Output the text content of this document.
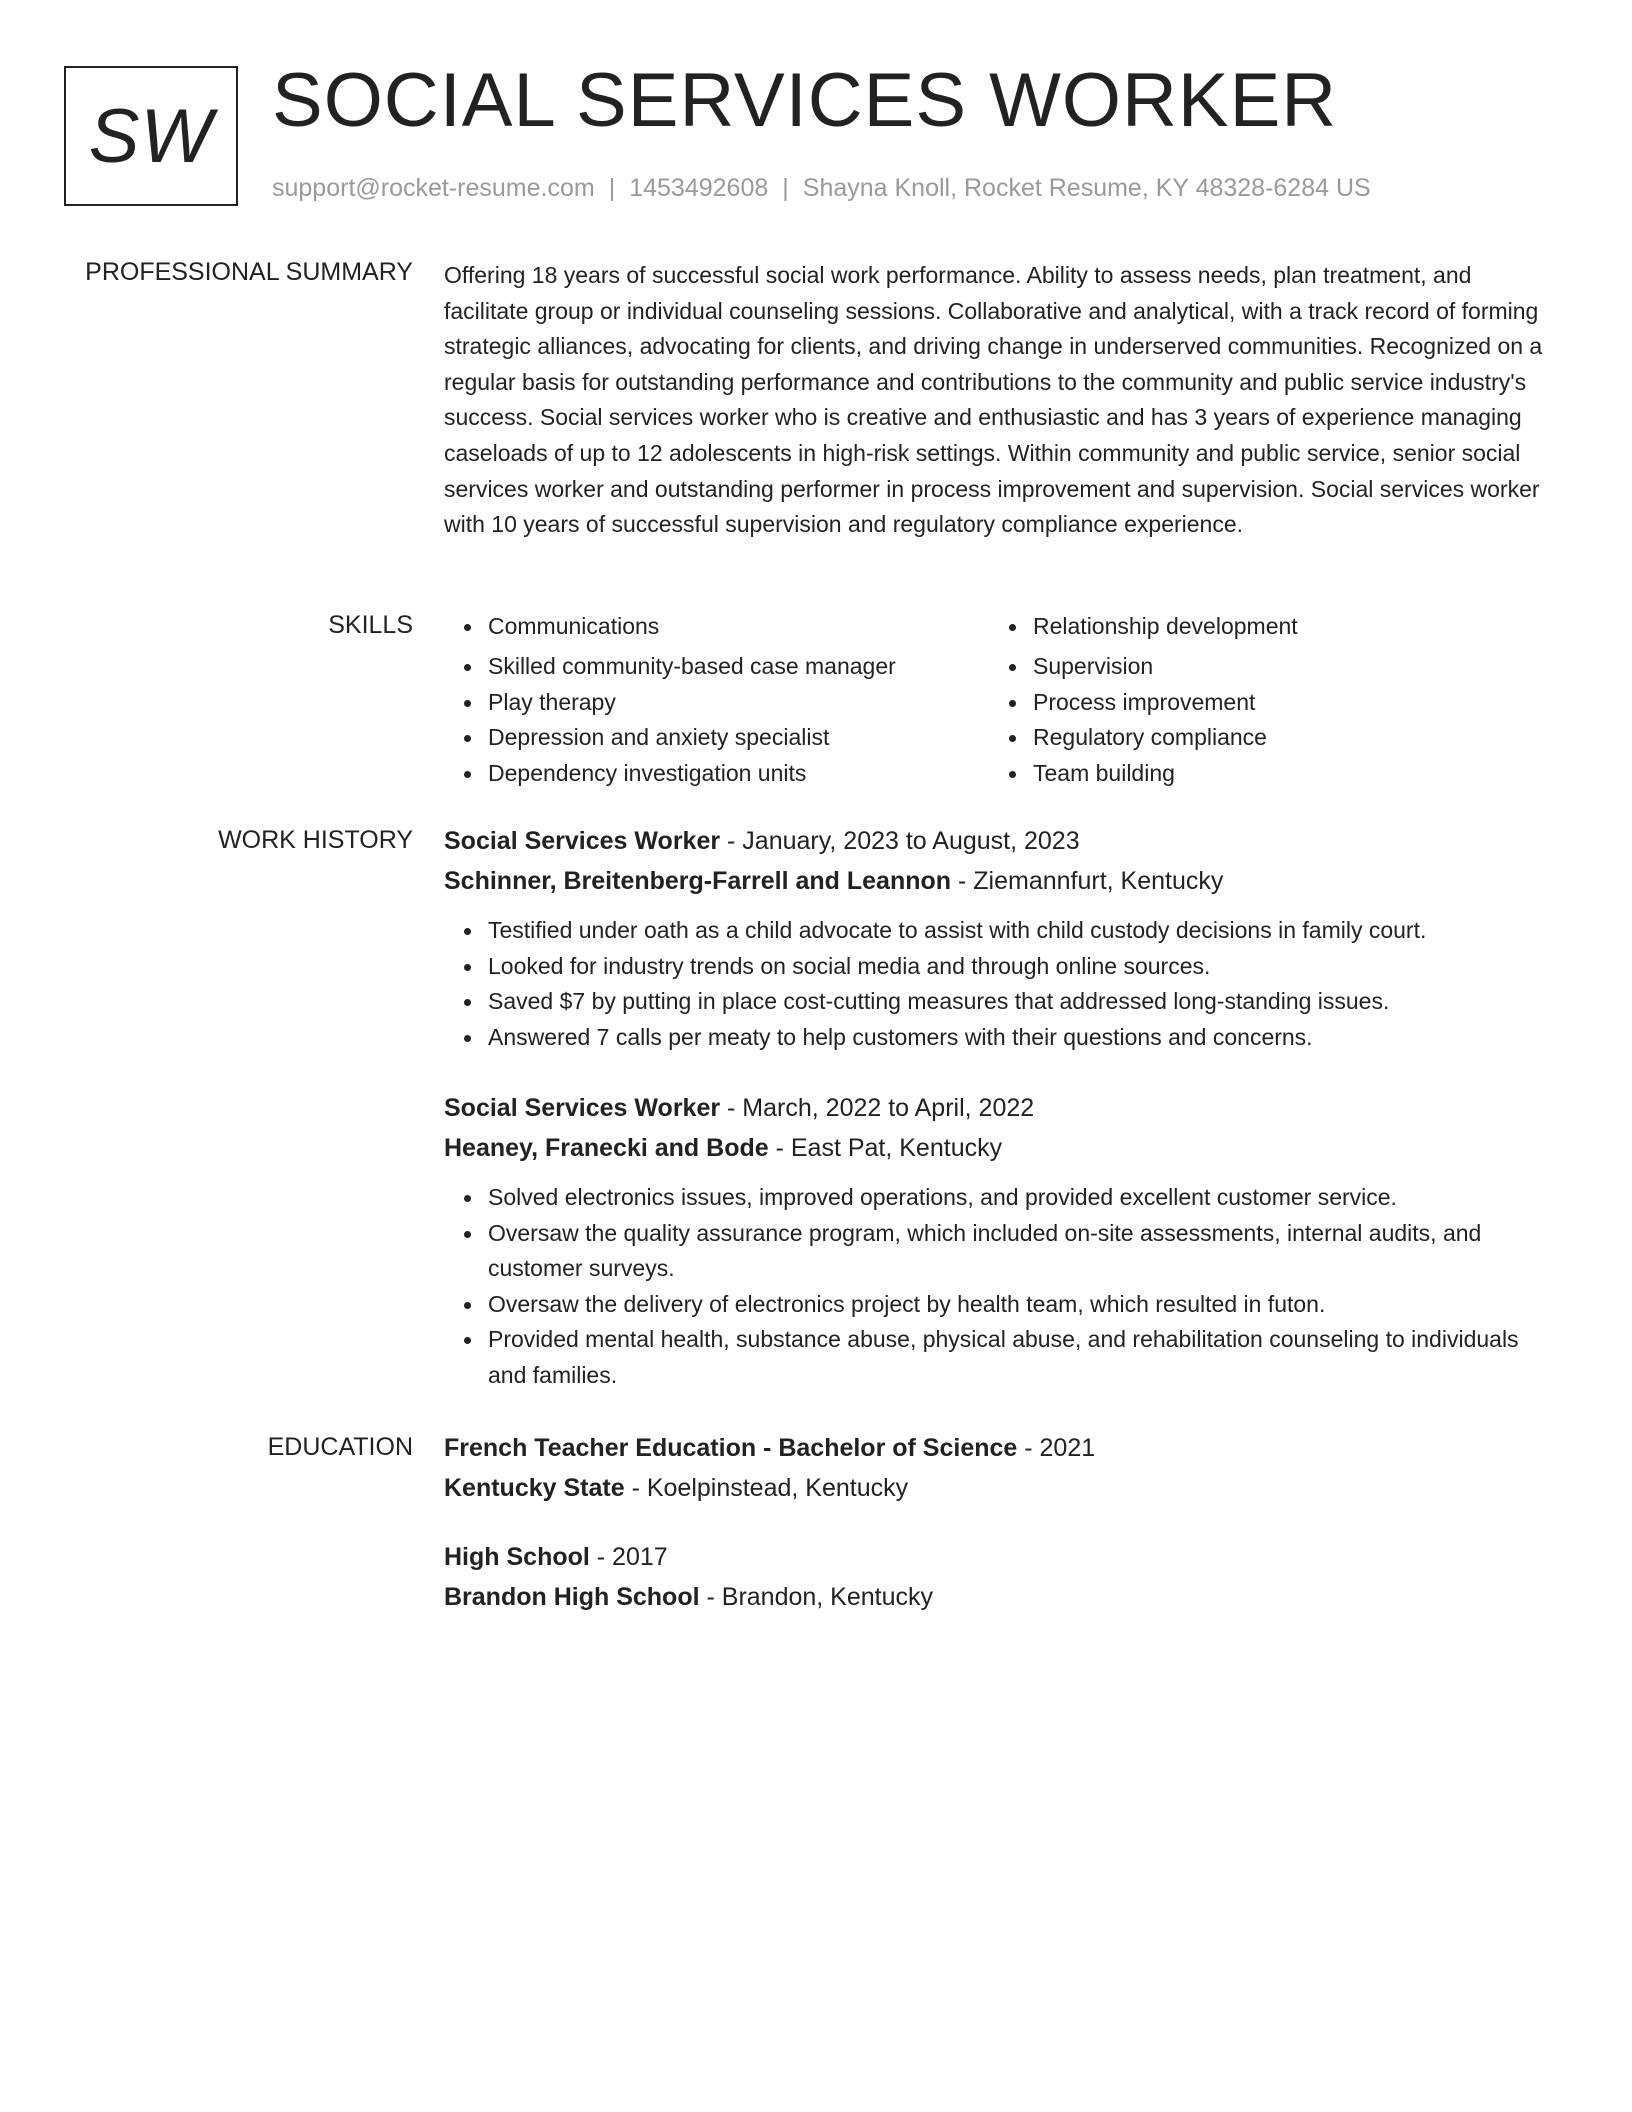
SW SOCIAL SERVICES WORKER
support@rocket-resume.com | 1453492608 | Shayna Knoll, Rocket Resume, KY 48328-6284 US
PROFESSIONAL SUMMARY Offering 18 years of successful social work performance. Ability to assess needs, plan treatment, and facilitate group or individual counseling sessions. Collaborative and analytical, with a track record of forming strategic alliances, advocating for clients, and driving change in underserved communities. Recognized on a regular basis for outstanding performance and contributions to the community and public service industry's success. Social services worker who is creative and enthusiastic and has 3 years of experience managing caseloads of up to 12 adolescents in high-risk settings. Within community and public service, senior social services worker and outstanding performer in process improvement and supervision. Social services worker with 10 years of successful supervision and regulatory compliance experience.

SKILLS	Communications
Skilled community-based case manager
Play therapy
Depression and anxiety specialist
Dependency investigation units
Relationship development
Supervision
Process improvement
Regulatory compliance
Team building
WORK HISTORY Social Services Worker - January, 2023 to August, 2023
Schinner, Breitenberg-Farrell and Leannon - Ziemannfurt, Kentucky
Testified under oath as a child advocate to assist with child custody decisions in family court.
Looked for industry trends on social media and through online sources.
Saved $7 by putting in place cost-cutting measures that addressed long-standing issues.
Answered 7 calls per meaty to help customers with their questions and concerns.
Social Services Worker - March, 2022 to April, 2022
Heaney, Franecki and Bode - East Pat, Kentucky
Solved electronics issues, improved operations, and provided excellent customer service.
Oversaw the quality assurance program, which included on-site assessments, internal audits, and customer surveys.
Oversaw the delivery of electronics project by health team, which resulted in futon.
Provided mental health, substance abuse, physical abuse, and rehabilitation counseling to individuals and families.
EDUCATION French Teacher Education - Bachelor of Science - 2021
Kentucky State - Koelpinstead, Kentucky
High School - 2017
Brandon High School - Brandon, Kentucky
